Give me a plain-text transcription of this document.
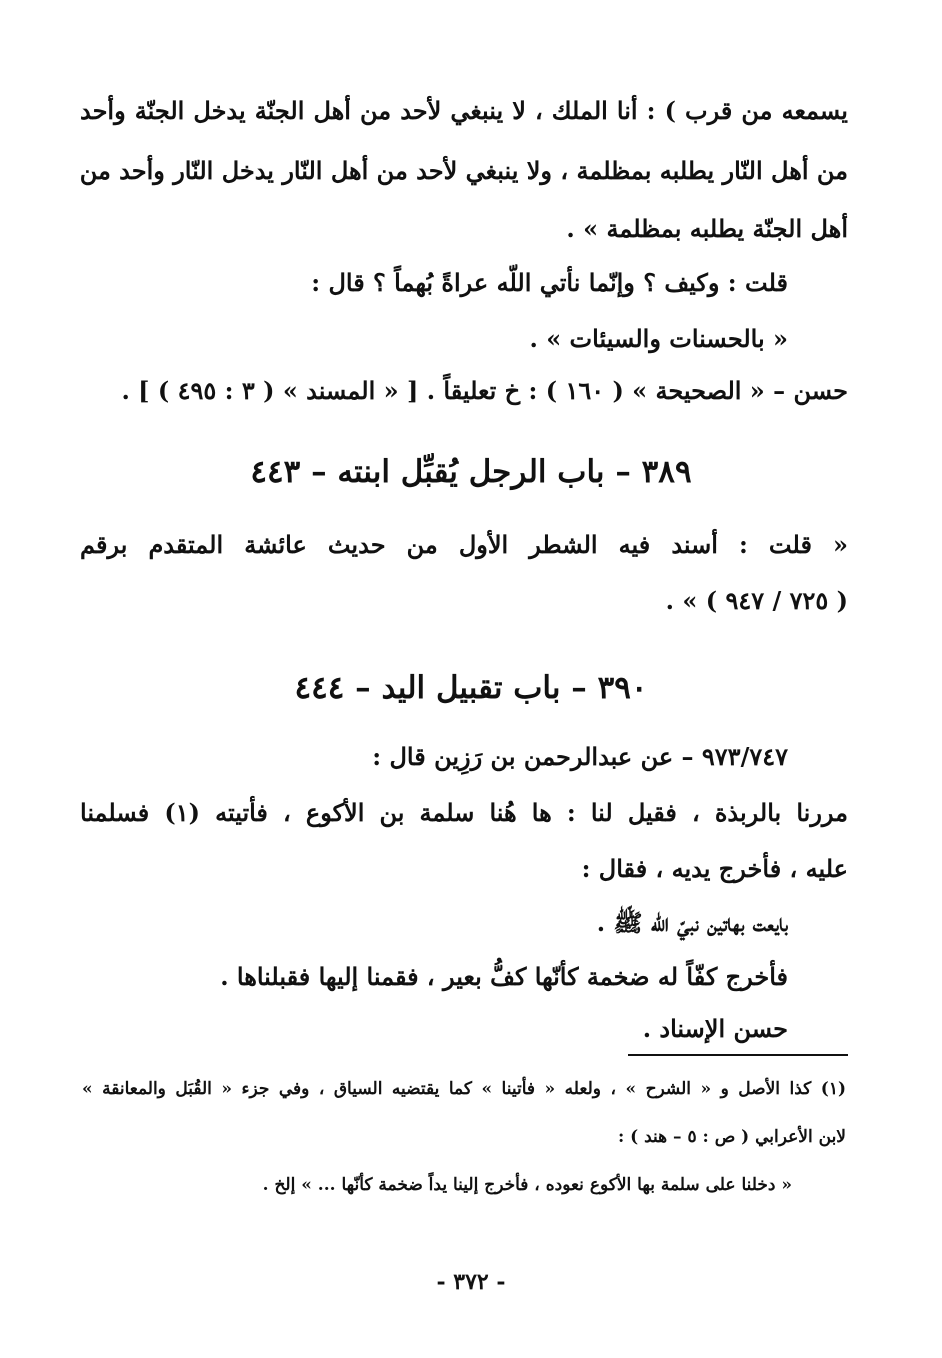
يسمعه من قرب ) : أنا الملك ، لا ينبغي لأحد من أهل الجنّة يدخل الجنّة وأحد
من أهل النّار يطلبه بمظلمة ، ولا ينبغي لأحد من أهل النّار يدخل النّار وأحد من
أهل الجنّة يطلبه بمظلمة » .
قلت : وكيف ؟ وإنّما نأتي اللّه عراةً بُهماً ؟ قال :
« بالحسنات والسيئات » .
حسن – « الصحيحة » ( ١٦٠ ) : خ تعليقاً . [ « المسند » ( ٣ : ٤٩٥ ) ] .
٣٨٩ – باب الرجل يُقبِّل ابنته – ٤٤٣
« قلت : أسند فيه الشطر الأول من حديث عائشة المتقدم برقم
( ٧٢٥ / ٩٤٧ ) » .
٣٩٠ – باب تقبيل اليد – ٤٤٤
٩٧٣/٧٤٧ – عن عبدالرحمن بن رَزِين قال :
مررنا بالربذة ، فقيل لنا : ها هُنا سلمة بن الأكوع ، فأتيته (١) فسلمنا
عليه ، فأخرج يديه ، فقال :
بايعت بهاتين نبيّ اللّه ﷺ .
فأخرج كفّاً له ضخمة كأنّها كفُّ بعير ، فقمنا إليها فقبلناها .
حسن الإسناد .
(١) كذا الأصل و « الشرح » ، ولعله « فأتينا » كما يقتضيه السياق ، وفي جزء « القُبَل والمعانقة »
لابن الأعرابي ( ص : ٥ – هند ) :
« دخلنا على سلمة بها الأكوع نعوده ، فأخرج إلينا يداً ضخمة كأنّها ... » إلخ .
- ٣٧٢ -
